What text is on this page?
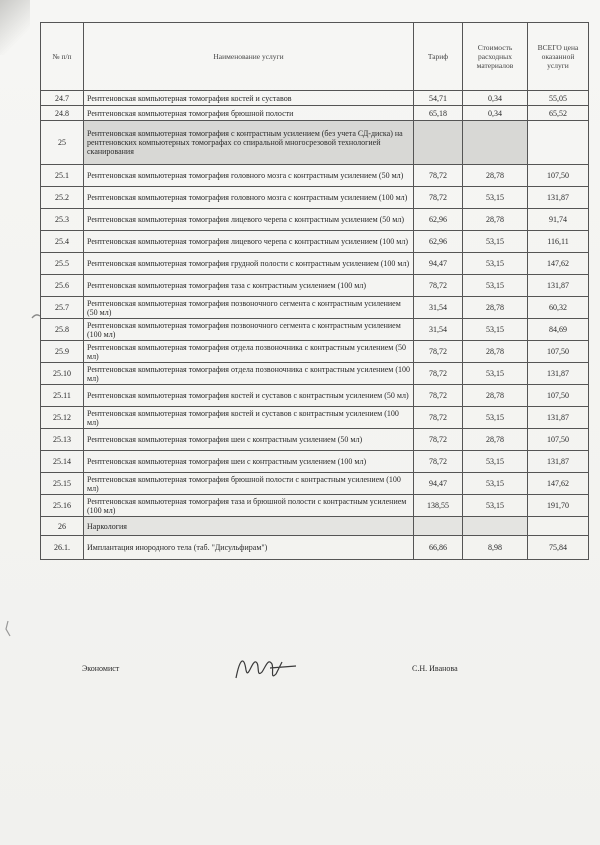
№ п/п	Наименование услуги	Тариф	Стоимость расходных материалов	ВСЕГО цена оказанной услуги
24.7	Рентгеновская компьютерная томография костей и суставов	54,71	0,34	55,05
24.8	Рентгеновская компьютерная томография брюшной полости	65,18	0,34	65,52
25	Рентгеновская компьютерная томография с контрастным усилением (без учета СД-диска) на рентгеновских компьютерных томографах со спиральной многосрезовой технологией сканирования			
25.1	Рентгеновская компьютерная томография головного мозга с контрастным усилением (50 мл)	78,72	28,78	107,50
25.2	Рентгеновская компьютерная томография головного мозга с контрастным усилением (100 мл)	78,72	53,15	131,87
25.3	Рентгеновская компьютерная томография лицевого черепа с контрастным усилением (50 мл)	62,96	28,78	91,74
25.4	Рентгеновская компьютерная томография лицевого черепа с контрастным усилением (100 мл)	62,96	53,15	116,11
25.5	Рентгеновская компьютерная томография грудной полости с контрастным усилением (100 мл)	94,47	53,15	147,62
25.6	Рентгеновская компьютерная томография таза с контрастным усилением (100 мл)	78,72	53,15	131,87
25.7	Рентгеновская компьютерная томография позвоночного сегмента с контрастным усилением (50 мл)	31,54	28,78	60,32
25.8	Рентгеновская компьютерная томография позвоночного сегмента с контрастным усилением (100 мл)	31,54	53,15	84,69
25.9	Рентгеновская компьютерная томография отдела позвоночника с контрастным усилением (50 мл)	78,72	28,78	107,50
25.10	Рентгеновская компьютерная томография отдела позвоночника с контрастным усилением (100 мл)	78,72	53,15	131,87
25.11	Рентгеновская компьютерная томография костей и суставов с контрастным усилением (50 мл)	78,72	28,78	107,50
25.12	Рентгеновская компьютерная томография костей и суставов с контрастным усилением (100 мл)	78,72	53,15	131,87
25.13	Рентгеновская компьютерная томография шеи с контрастным усилением (50 мл)	78,72	28,78	107,50
25.14	Рентгеновская компьютерная томография шеи с контрастным усилением (100 мл)	78,72	53,15	131,87
25.15	Рентгеновская компьютерная томография брюшной полости с контрастным усилением (100 мл)	94,47	53,15	147,62
25.16	Рентгеновская компьютерная томография таза и брюшной полости с контрастным усилением (100 мл)	138,55	53,15	191,70
26	Наркология			
26.1.	Имплантация инородного тела (таб. "Дисульфирам")	66,86	8,98	75,84
Экономист	С.Н. Иванова
